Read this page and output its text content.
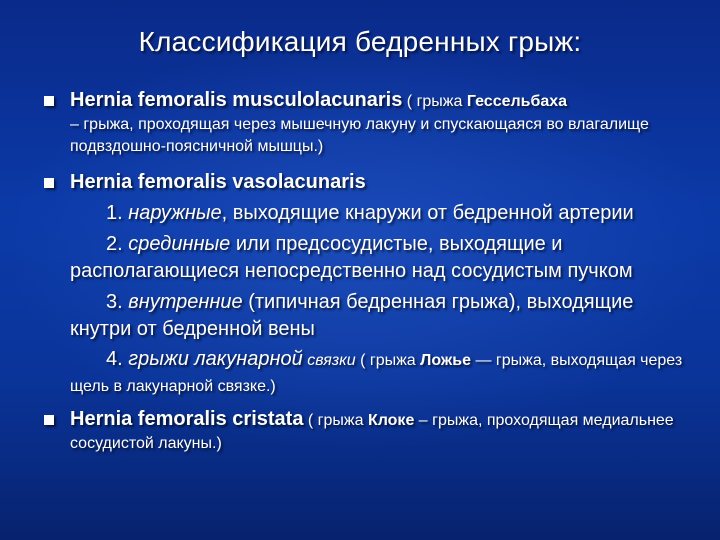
Классификация бедренных грыж:
Hernia femoralis musculolacunaris ( грыжа Гессельбаха
– грыжа, проходящая через мышечную лакуну и спускающаяся во влагалище подвздошно-поясничной мышцы.)
Hernia femoralis vasolacunaris
1. наружные, выходящие кнаружи от бедренной артерии
2. срединные или предсосудистые, выходящие и располагающиеся непосредственно над сосудистым пучком
3. внутренние (типичная бедренная грыжа), выходящие кнутри от бедренной вены
4. грыжи лакунарной связки ( грыжа Ложье — грыжа, выходящая через щель в лакунарной связке.)
Hernia femoralis cristata ( грыжа Клоке – грыжа, проходящая медиальнее сосудистой лакуны.)
